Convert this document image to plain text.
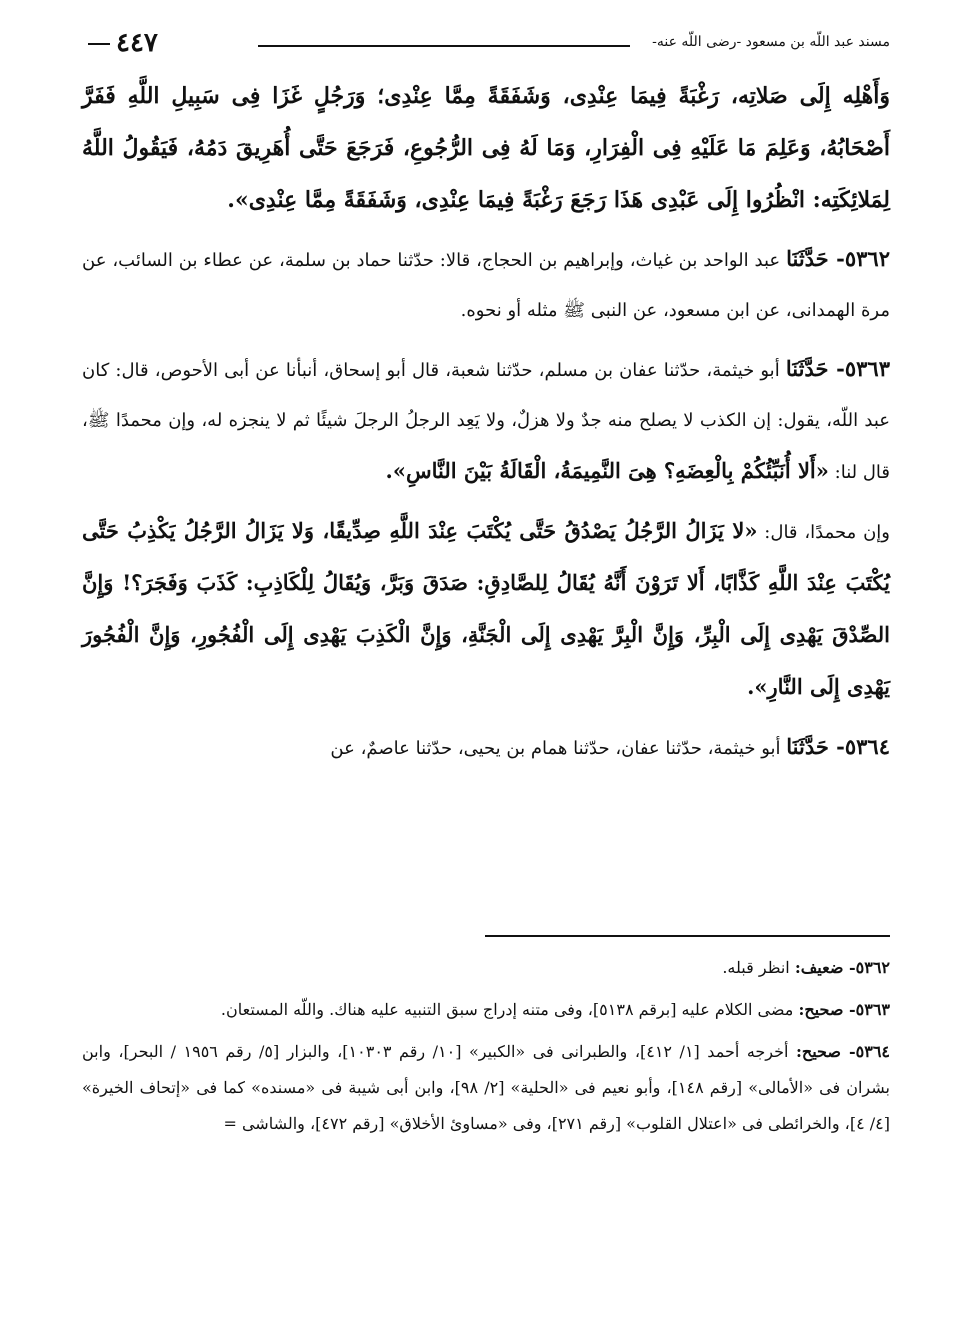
٤٤٧	مسند عبد اللّه بن مسعود -رضى اللّه عنه-

وَأَهْلِه إِلَى صَلاتِه، رَغْبَةً فِيمَا عِنْدِى، وَشَفَقَةً مِمَّا عِنْدِى؛ وَرَجُلٍ غَزَا فِى سَبِيلِ اللَّهِ فَفَرَّ أَصْحَابُهُ، وَعَلِمَ مَا عَلَيْهِ فِى الْفِرَارِ، وَمَا لَهُ فِى الرُّجُوعِ، فَرَجَعَ حَتَّى أُهَرِيقَ دَمُهُ، فَيَقُولُ اللَّهُ لِمَلائِكَتِه: انْظُرُوا إِلَى عَبْدِى هَذَا رَجَعَ رَغْبَةً فِيمَا عِنْدِى، وَشَفَقَةً مِمَّا عِنْدِى».

٥٣٦٢- حَدَّثَنَا عبد الواحد بن غياث، وإبراهيم بن الحجاج، قالا: حدّثنا حماد بن سلمة، عن عطاء بن السائب، عن مرة الهمدانى، عن ابن مسعود، عن النبى ﷺ مثله أو نحوه.

٥٣٦٣- حَدَّثَنَا أبو خيثمة، حدّثنا عفان بن مسلم، حدّثنا شعبة، قال أبو إسحاق، أنبأنا عن أبى الأحوص، قال: كان عبد اللّه، يقول: إن الكذب لا يصلح منه جدٌ ولا هزلٌ، ولا يَعِد الرجلُ الرجلَ شيئًا ثم لا ينجزه له، وإن محمدًا ﷺ، قال لنا: «أَلا أُنَبِّئُكُمْ بِالْعِضَهِ؟ هِىَ النَّمِيمَةُ، الْقَالَةُ بَيْنَ النَّاسِ».

وإن محمدًا، قال: «لا يَزَالُ الرَّجُلُ يَصْدُقُ حَتَّى يُكْتَبَ عِنْدَ اللَّهِ صِدِّيقًا، وَلا يَزَالُ الرَّجُلُ يَكْذِبُ حَتَّى يُكْتَبَ عِنْدَ اللَّهِ كَذَّابًا، أَلا تَرَوْنَ أَنَّهُ يُقَالُ لِلصَّادِقِ: صَدَقَ وَبَرَّ، وَيُقَالُ لِلْكَاذِبِ: كَذَبَ وَفَجَرَ؟! وَإِنَّ الصِّدْقَ يَهْدِى إِلَى الْبِرِّ، وَإِنَّ الْبِرَّ يَهْدِى إِلَى الْجَنَّةِ، وَإِنَّ الْكَذِبَ يَهْدِى إِلَى الْفُجُورِ، وَإِنَّ الْفُجُورَ يَهْدِى إِلَى النَّارِ».

٥٣٦٤- حَدَّثَنَا أبو خيثمة، حدّثنا عفان، حدّثنا همام بن يحيى، حدّثنا عاصمٌ، عن

٥٣٦٢- ضعيف: انظر قبله.

٥٣٦٣- صحيح: مضى الكلام عليه [برقم ٥١٣٨]، وفى متنه إدراج سبق التنبيه عليه هناك. واللّه المستعان.

٥٣٦٤- صحيح: أخرجه أحمد [١/ ٤١٢]، والطبرانى فى «الكبير» [١٠/ رقم ١٠٣٠٣]، والبزار [٥/ رقم ١٩٥٦ / البحر]، وابن بشران فى «الأمالى» [رقم ١٤٨]، وأبو نعيم فى «الحلية» [٢/ ٩٨]، وابن أبى شيبة فى «مسنده» كما فى «إتحاف الخيرة» [٤/ ٤]، والخرائطى فى «اعتلال القلوب» [رقم ٢٧١]، وفى «مساوئ الأخلاق» [رقم ٤٧٢]، والشاشى =
